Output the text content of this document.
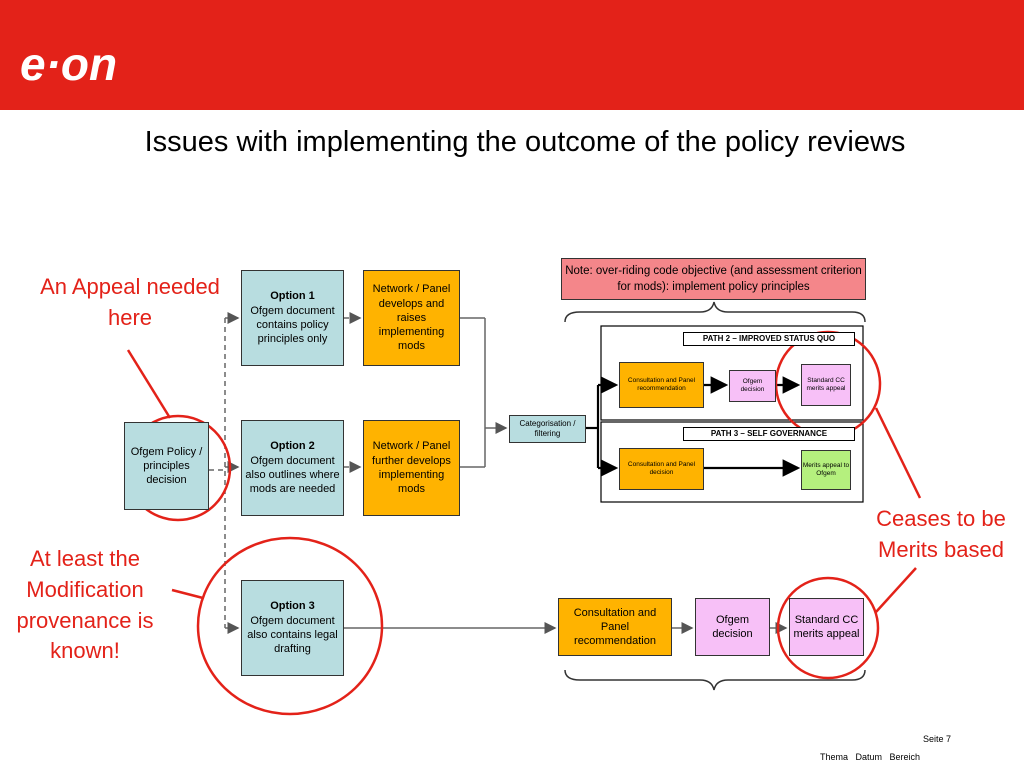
e·on
Issues with implementing the outcome of the policy reviews
Note: over-riding code objective (and assessment criterion for mods): implement policy principles
Ofgem Policy / principles decision
Option 1
Ofgem document contains policy principles only
Option 2
Ofgem document also outlines where mods are needed
Option 3
Ofgem document also contains legal drafting
Network / Panel develops and raises implementing mods
Network / Panel further develops implementing mods
Categorisation / filtering
PATH 2 – IMPROVED STATUS QUO
PATH 3 – SELF GOVERNANCE
Consultation and Panel recommendation
Ofgem decision
Standard CC merits appeal
Consultation and Panel decision
Merits appeal to Ofgem
Consultation and Panel recommendation
Ofgem decision
Standard CC merits appeal
An Appeal needed here
At least the Modification provenance is known!
Ceases to be Merits based
Seite 7
Thema   Datum   Bereich
